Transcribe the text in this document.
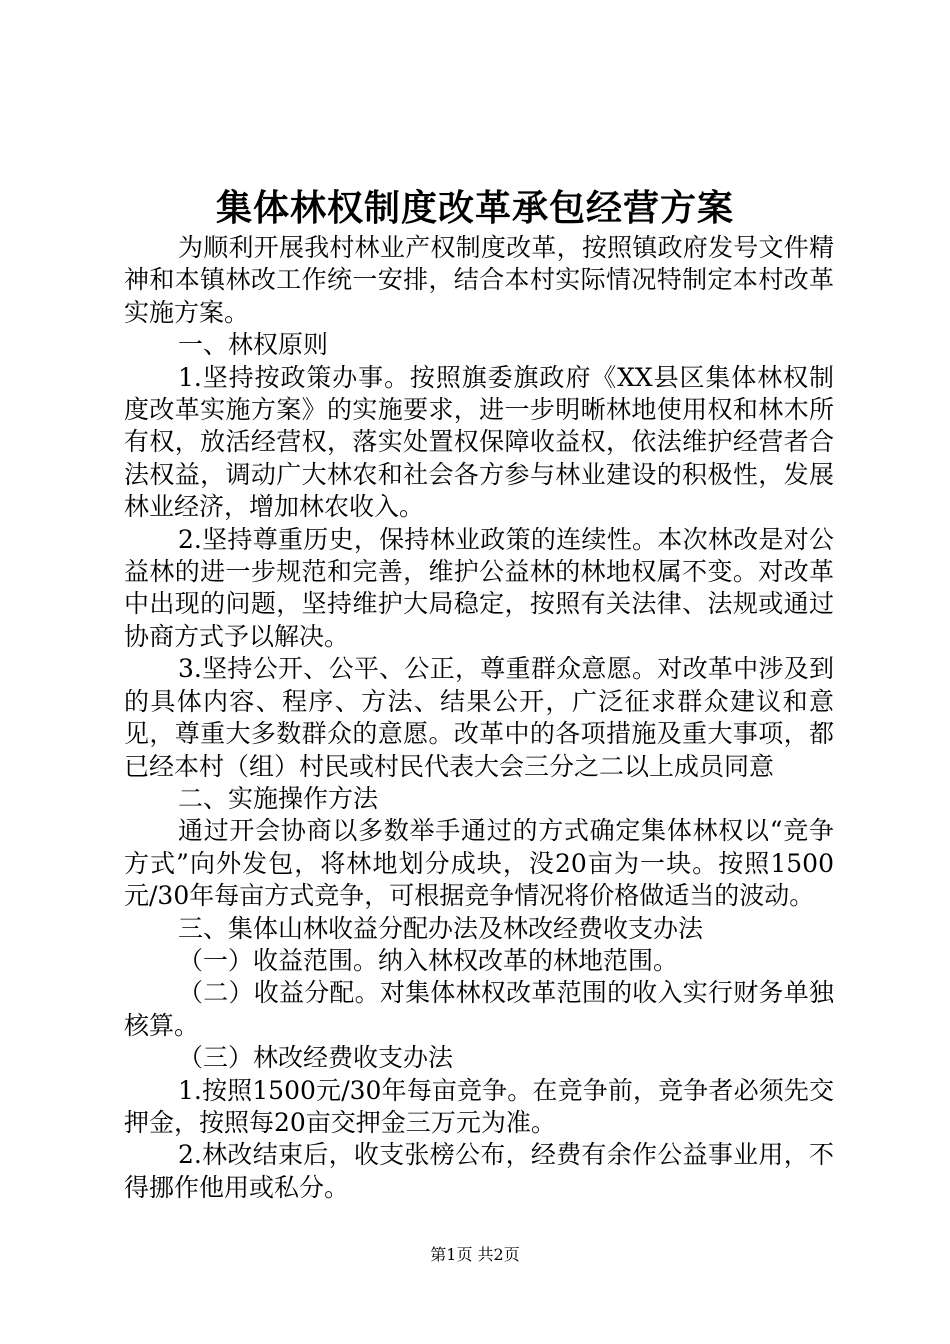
集体林权制度改革承包经营方案

为顺利开展我村林业产权制度改革，按照镇政府发号文件精神和本镇林改工作统一安排，结合本村实际情况特制定本村改革实施方案。

一、林权原则

1.坚持按政策办事。按照旗委旗政府《XX县区集体林权制度改革实施方案》的实施要求，进一步明晰林地使用权和林木所有权，放活经营权，落实处置权保障收益权，依法维护经营者合法权益，调动广大林农和社会各方参与林业建设的积极性，发展林业经济，增加林农收入。

2.坚持尊重历史，保持林业政策的连续性。本次林改是对公益林的进一步规范和完善，维护公益林的林地权属不变。对改革中出现的问题，坚持维护大局稳定，按照有关法律、法规或通过协商方式予以解决。

3.坚持公开、公平、公正，尊重群众意愿。对改革中涉及到的具体内容、程序、方法、结果公开，广泛征求群众建议和意见，尊重大多数群众的意愿。改革中的各项措施及重大事项，都已经本村（组）村民或村民代表大会三分之二以上成员同意

二、实施操作方法

通过开会协商以多数举手通过的方式确定集体林权以“竞争方式”向外发包，将林地划分成块，没20亩为一块。按照1500元/30年每亩方式竞争，可根据竞争情况将价格做适当的波动。

三、集体山林收益分配办法及林改经费收支办法

（一）收益范围。纳入林权改革的林地范围。

（二）收益分配。对集体林权改革范围的收入实行财务单独核算。

（三）林改经费收支办法

1.按照1500元/30年每亩竞争。在竞争前，竞争者必须先交押金，按照每20亩交押金三万元为准。

2.林改结束后，收支张榜公布，经费有余作公益事业用，不得挪作他用或私分。

第1页 共2页
